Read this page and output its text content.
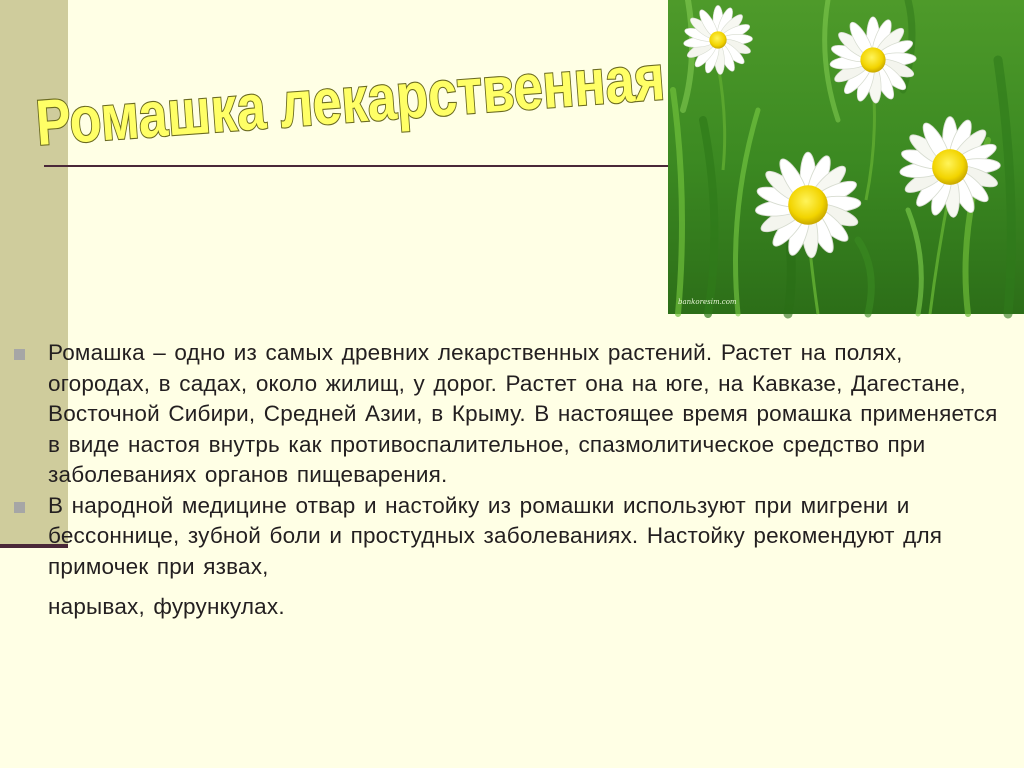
Ромашка лекарственная
bankoresim.com
Ромашка – одно из самых древних лекарственных растений. Растет на полях, огородах, в садах, около жилищ, у дорог. Растет она на юге, на Кавказе, Дагестане, Восточной Сибири, Средней Азии, в Крыму. В настоящее время ромашка применяется в виде настоя внутрь как противоспалительное, спазмолитическое средство при заболеваниях органов пищеварения.
В народной медицине отвар и настойку из ромашки используют при мигрени и бессоннице, зубной боли и простудных заболеваниях. Настойку рекомендуют для примочек при язвах,
нарывах, фурункулах.
